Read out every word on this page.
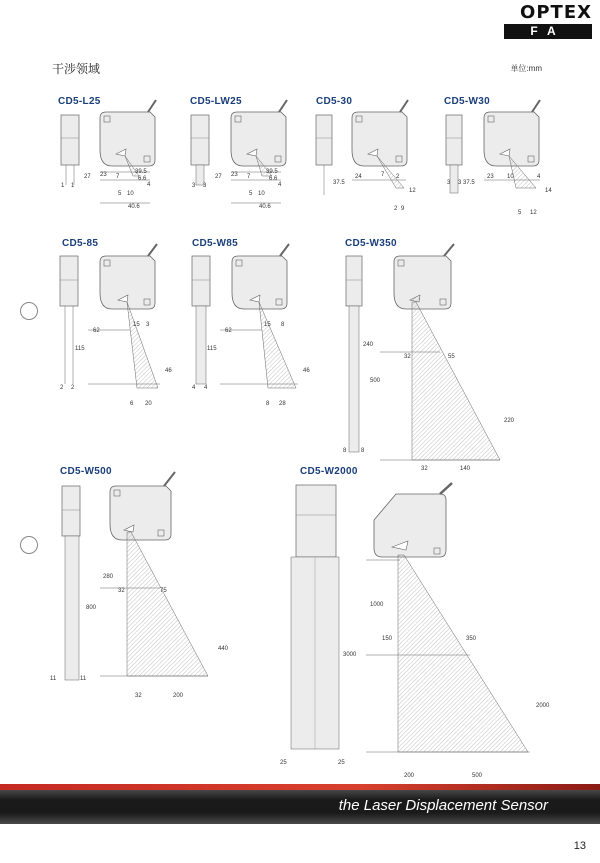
OPTEX
FA
干涉领域	单位:mm
CD5-L25	CD5-LW25	CD5-30	CD5-W30
27 23 7
39.5
6.6
4
5 10
40.6
1 1
27 23 7
39.5
6.6
4
5 10
40.6
3 3
24
37.5
7 2
12
2 9
23
37.5
10	4
14
5 12
3 3
62
15 3
115
46
6 20
2 2
62
15 8
115
46
8 28
4 4
240
32	55
500
220
32	140
8 8
280
32	75
800
440
32	200
11	11
1000
150	350
3000
2000
200	500
25	25
CD5-85	CD5-W85	CD5-W350
CD5-W500	CD5-W2000
the Laser Displacement Sensor
13
